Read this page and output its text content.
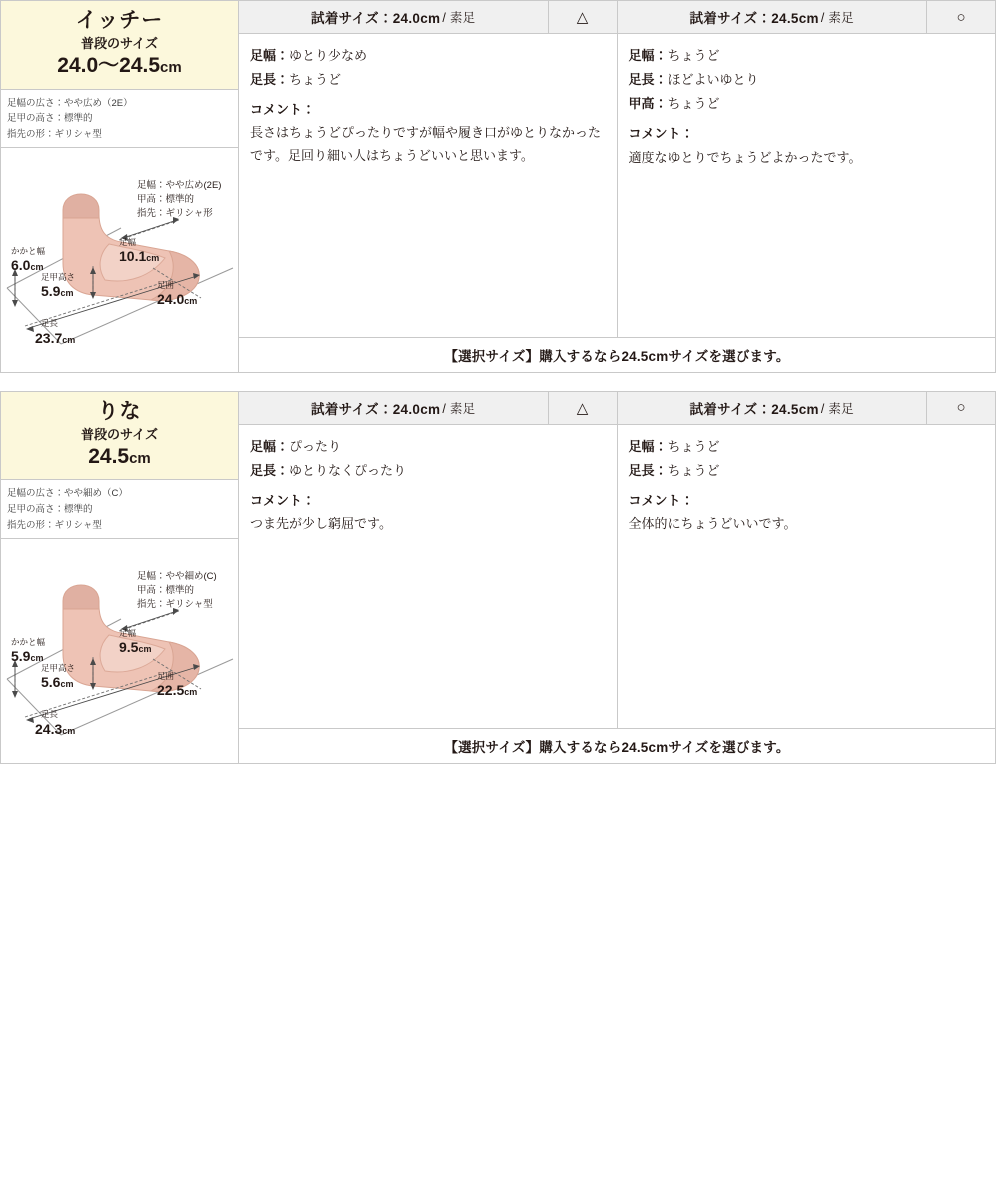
イッチー
普段のサイズ
24.0〜24.5cm
足幅の広さ：やや広め（2E）
足甲の高さ：標準的
指先の形：ギリシャ型
足幅：やや広め(2E)
甲高：標準的
指先：ギリシャ形
かかと幅
6.0cm
足幅
10.1cm
足甲高さ
5.9cm
足囲
24.0cm
足長
23.7cm
試着サイズ：24.0cm / 素足	△
足幅：ゆとり少なめ
足長：ちょうど
コメント：
長さはちょうどぴったりですが幅や履き口がゆとりなかったです。足回り細い人はちょうどいいと思います。
試着サイズ：24.5cm / 素足	○
足幅：ちょうど
足長：ほどよいゆとり
甲高：ちょうど
コメント：
適度なゆとりでちょうどよかったです。
【選択サイズ】購入するなら24.5cmサイズを選びます。
りな
普段のサイズ
24.5cm
足幅の広さ：やや細め（C）
足甲の高さ：標準的
指先の形：ギリシャ型
足幅：やや細め(C)
甲高：標準的
指先：ギリシャ型
かかと幅
5.9cm
足幅
9.5cm
足甲高さ
5.6cm
足囲
22.5cm
足長
24.3cm
試着サイズ：24.0cm / 素足	△
足幅：ぴったり
足長：ゆとりなくぴったり
コメント：
つま先が少し窮屈です。
試着サイズ：24.5cm / 素足	○
足幅：ちょうど
足長：ちょうど
コメント：
全体的にちょうどいいです。
【選択サイズ】購入するなら24.5cmサイズを選びます。
